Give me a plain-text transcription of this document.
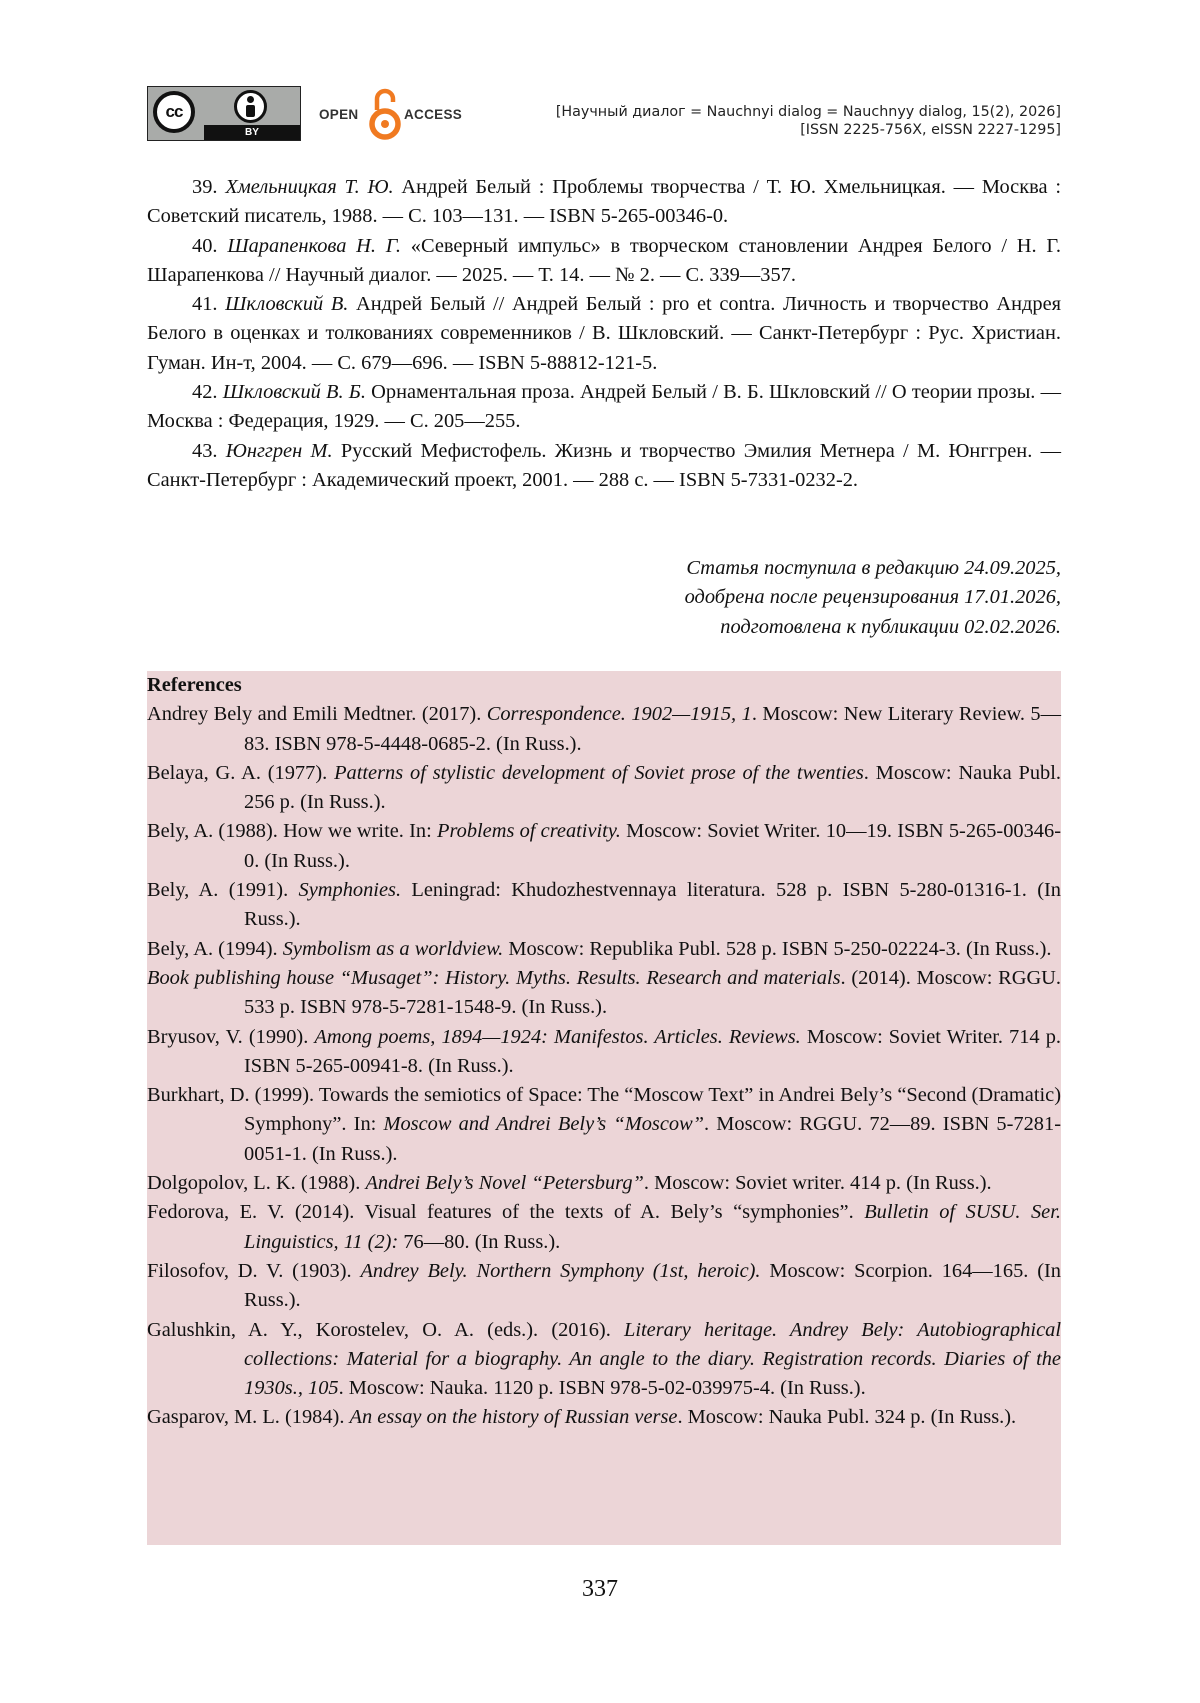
cc
BY
OPEN	ACCESS	[Научный диалог = Nauchnyi dialog = Nauchnyy dialog, 15(2), 2026]
[ISSN 2225-756X, eISSN 2227-1295]

39. Хмельницкая Т. Ю. Андрей Белый : Проблемы творчества / Т. Ю. Хмельницкая. — Москва : Советский писатель, 1988. — С. 103—131. — ISBN 5-265-00346-0.

40. Шарапенкова Н. Г. «Северный импульс» в творческом становлении Андрея Белого / Н. Г. Шарапенкова // Научный диалог. — 2025. — Т. 14. — № 2. — С. 339—357.

41. Шкловский В. Андрей Белый // Андрей Белый : pro et contra. Личность и творчество Андрея Белого в оценках и толкованиях современников / В. Шкловский. — Санкт-Петербург : Рус. Христиан. Гуман. Ин-т, 2004. — С. 679—696. — ISBN 5-88812-121-5.

42. Шкловский В. Б. Орнаментальная проза. Андрей Белый / В. Б. Шкловский // О теории прозы. — Москва : Федерация, 1929. — С. 205—255.

43. Юнггрен М. Русский Мефистофель. Жизнь и творчество Эмилия Метнера / М. Юнггрен. — Санкт-Петербург : Академический проект, 2001. — 288 с. — ISBN 5-7331-0232-2.

Статья поступила в редакцию 24.09.2025,
одобрена после рецензирования 17.01.2026,
подготовлена к публикации 02.02.2026.

References

Andrey Bely and Emili Medtner. (2017). Correspondence. 1902—1915, 1. Moscow: New Literary Review. 5—83. ISBN 978-5-4448-0685-2. (In Russ.).

Belaya, G. A. (1977). Patterns of stylistic development of Soviet prose of the twenties. Moscow: Nauka Publ. 256 p. (In Russ.).

Bely, A. (1988). How we write. In: Problems of creativity. Moscow: Soviet Writer. 10—19. ISBN 5-265-00346-0. (In Russ.).

Bely, A. (1991). Symphonies. Leningrad: Khudozhestvennaya literatura. 528 p. ISBN 5-280-01316-1. (In Russ.).

Bely, A. (1994). Symbolism as a worldview. Moscow: Republika Publ. 528 p. ISBN 5-250-02224-3. (In Russ.).

Book publishing house “Musaget”: History. Myths. Results. Research and materials. (2014). Moscow: RGGU. 533 p. ISBN 978-5-7281-1548-9. (In Russ.).

Bryusov, V. (1990). Among poems, 1894—1924: Manifestos. Articles. Reviews. Moscow: Soviet Writer. 714 p. ISBN 5-265-00941-8. (In Russ.).

Burkhart, D. (1999). Towards the semiotics of Space: The “Moscow Text” in Andrei Bely’s “Second (Dramatic) Symphony”. In: Moscow and Andrei Bely’s “Moscow”. Moscow: RGGU. 72—89. ISBN 5-7281-0051-1. (In Russ.).

Dolgopolov, L. K. (1988). Andrei Bely’s Novel “Petersburg”. Moscow: Soviet writer. 414 p. (In Russ.).

Fedorova, E. V. (2014). Visual features of the texts of A. Bely’s “symphonies”. Bulletin of SUSU. Ser. Linguistics, 11 (2): 76—80. (In Russ.).

Filosofov, D. V. (1903). Andrey Bely. Northern Symphony (1st, heroic). Moscow: Scorpion. 164—165. (In Russ.).

Galushkin, A. Y., Korostelev, O. A. (eds.). (2016). Literary heritage. Andrey Bely: Autobiographical collections: Material for a biography. An angle to the diary. Registration records. Diaries of the 1930s., 105. Moscow: Nauka. 1120 p. ISBN 978-5-02-039975-4. (In Russ.).

Gasparov, M. L. (1984). An essay on the history of Russian verse. Moscow: Nauka Publ. 324 p. (In Russ.).

337
